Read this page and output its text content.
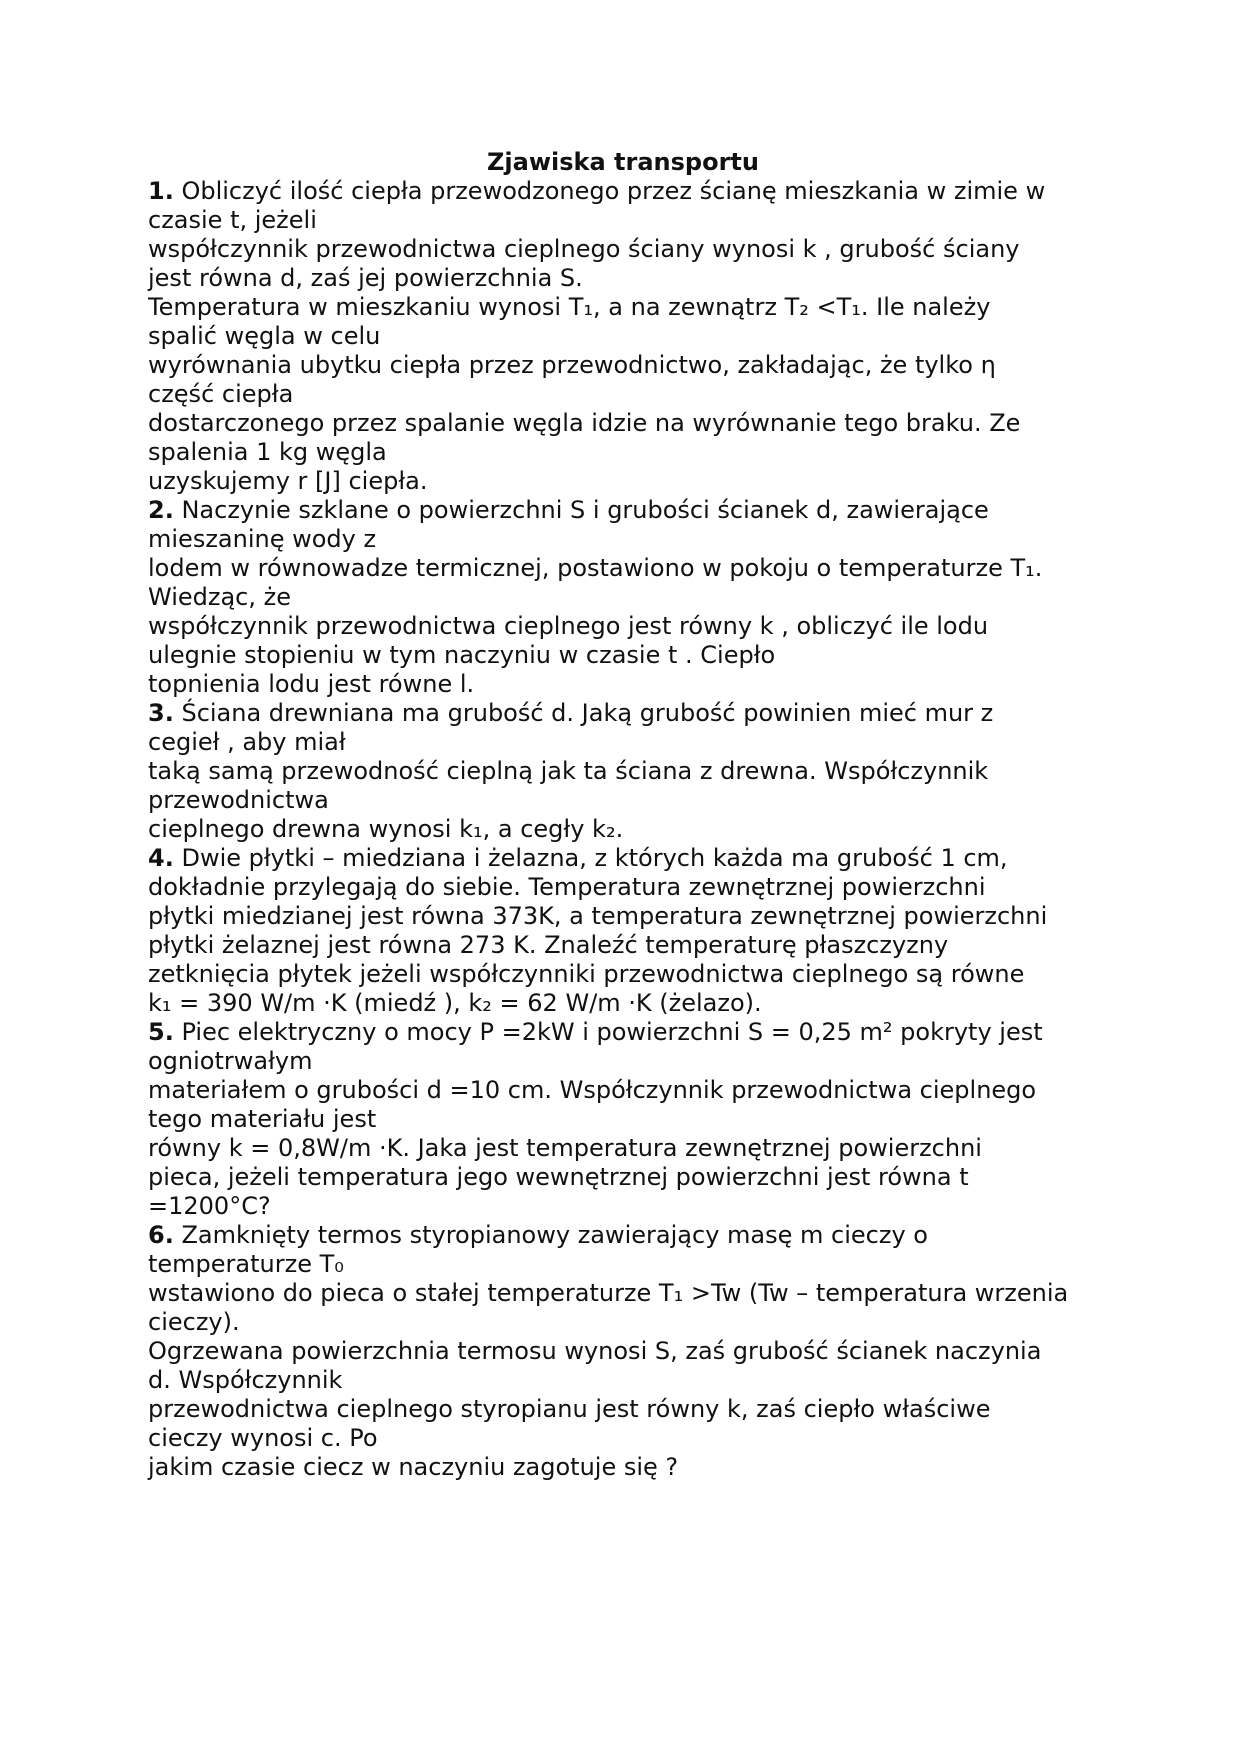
Zjawiska transportu

1. Obliczyć ilość ciepła przewodzonego przez ścianę mieszkania w zimie w

czasie t, jeżeli

współczynnik przewodnictwa cieplnego ściany wynosi k , grubość ściany

jest równa d, zaś jej powierzchnia S.

Temperatura w mieszkaniu wynosi T₁, a na zewnątrz T₂ <T₁. Ile należy

spalić węgla w celu

wyrównania ubytku ciepła przez przewodnictwo, zakładając, że tylko η

część ciepła

dostarczonego przez spalanie węgla idzie na wyrównanie tego braku. Ze

spalenia 1 kg węgla

uzyskujemy r [J] ciepła.

2. Naczynie szklane o powierzchni S i grubości ścianek d, zawierające

mieszaninę wody z

lodem w równowadze termicznej, postawiono w pokoju o temperaturze T₁.

Wiedząc, że

współczynnik przewodnictwa cieplnego jest równy k , obliczyć ile lodu

ulegnie stopieniu w tym naczyniu w czasie t . Ciepło

topnienia lodu jest równe l.

3. Ściana drewniana ma grubość d. Jaką grubość powinien mieć mur z

cegieł , aby miał

taką samą przewodność cieplną jak ta ściana z drewna. Współczynnik

przewodnictwa

cieplnego drewna wynosi k₁, a cegły k₂.

4. Dwie płytki – miedziana i żelazna, z których każda ma grubość 1 cm,

dokładnie przylegają do siebie. Temperatura zewnętrznej powierzchni

płytki miedzianej jest równa 373K, a temperatura zewnętrznej powierzchni

płytki żelaznej jest równa 273 K. Znaleźć temperaturę płaszczyzny

zetknięcia płytek jeżeli współczynniki przewodnictwa cieplnego są równe

k₁ = 390 W/m ·K (miedź ), k₂ = 62 W/m ·K (żelazo).

5. Piec elektryczny o mocy P =2kW i powierzchni S = 0,25 m² pokryty jest

ogniotrwałym

materiałem o grubości d =10 cm. Współczynnik przewodnictwa cieplnego

tego materiału jest

równy k = 0,8W/m ·K. Jaka jest temperatura zewnętrznej powierzchni

pieca, jeżeli temperatura jego wewnętrznej powierzchni jest równa t

=1200°C?

6. Zamknięty termos styropianowy zawierający masę m cieczy o

temperaturze T₀

wstawiono do pieca o stałej temperaturze T₁ >Tw (Tw – temperatura wrzenia

cieczy).

Ogrzewana powierzchnia termosu wynosi S, zaś grubość ścianek naczynia

d. Współczynnik

przewodnictwa cieplnego styropianu jest równy k, zaś ciepło właściwe

cieczy wynosi c. Po

jakim czasie ciecz w naczyniu zagotuje się ?
